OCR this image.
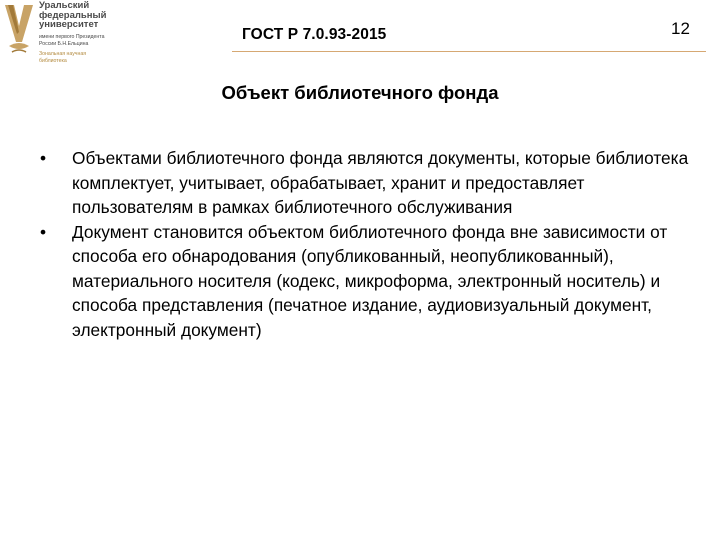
Уральский
федеральный
университет
имени первого Президента
России Б.Н.Ельцина
Зональная научная
библиотека
ГОСТ Р 7.0.93-2015	12
Объект библиотечного фонда
• Объектами библиотечного фонда являются документы, которые библиотека комплектует, учитывает, обрабатывает, хранит и предоставляет пользователям в рамках библиотечного обслуживания
• Документ становится объектом библиотечного фонда вне зависимости от способа его обнародования (опубликованный, неопубликованный), материального носителя (кодекс, микроформа, электронный носитель) и способа представления (печатное издание, аудиовизуальный документ, электронный документ)
